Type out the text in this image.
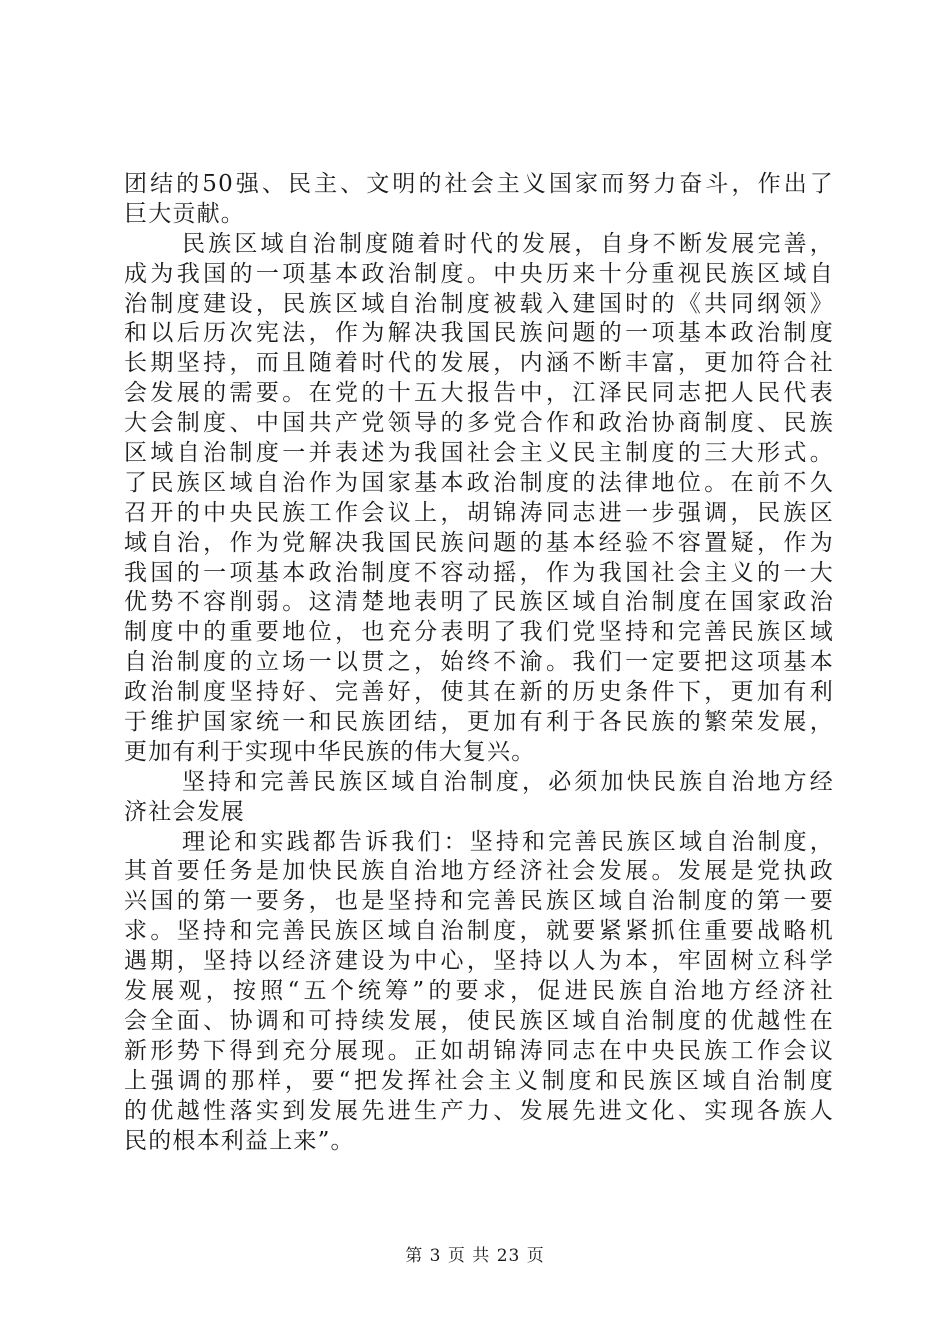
团结的50强、民主、文明的社会主义国家而努力奋斗，作出了
巨大贡献。
民族区域自治制度随着时代的发展，自身不断发展完善，
成为我国的一项基本政治制度。中央历来十分重视民族区域自
治制度建设，民族区域自治制度被载入建国时的《共同纲领》
和以后历次宪法，作为解决我国民族问题的一项基本政治制度
长期坚持，而且随着时代的发展，内涵不断丰富，更加符合社
会发展的需要。在党的十五大报告中，江泽民同志把人民代表
大会制度、中国共产党领导的多党合作和政治协商制度、民族
区域自治制度一并表述为我国社会主义民主制度的三大形式。
了民族区域自治作为国家基本政治制度的法律地位。在前不久
召开的中央民族工作会议上，胡锦涛同志进一步强调，民族区
域自治，作为党解决我国民族问题的基本经验不容置疑，作为
我国的一项基本政治制度不容动摇，作为我国社会主义的一大
优势不容削弱。这清楚地表明了民族区域自治制度在国家政治
制度中的重要地位，也充分表明了我们党坚持和完善民族区域
自治制度的立场一以贯之，始终不渝。我们一定要把这项基本
政治制度坚持好、完善好，使其在新的历史条件下，更加有利
于维护国家统一和民族团结，更加有利于各民族的繁荣发展，
更加有利于实现中华民族的伟大复兴。
坚持和完善民族区域自治制度，必须加快民族自治地方经
济社会发展
理论和实践都告诉我们：坚持和完善民族区域自治制度，
其首要任务是加快民族自治地方经济社会发展。发展是党执政
兴国的第一要务，也是坚持和完善民族区域自治制度的第一要
求。坚持和完善民族区域自治制度，就要紧紧抓住重要战略机
遇期，坚持以经济建设为中心，坚持以人为本，牢固树立科学
发展观，按照“五个统筹”的要求，促进民族自治地方经济社
会全面、协调和可持续发展，使民族区域自治制度的优越性在
新形势下得到充分展现。正如胡锦涛同志在中央民族工作会议
上强调的那样，要“把发挥社会主义制度和民族区域自治制度
的优越性落实到发展先进生产力、发展先进文化、实现各族人
民的根本利益上来”。
第 3 页 共 23 页
